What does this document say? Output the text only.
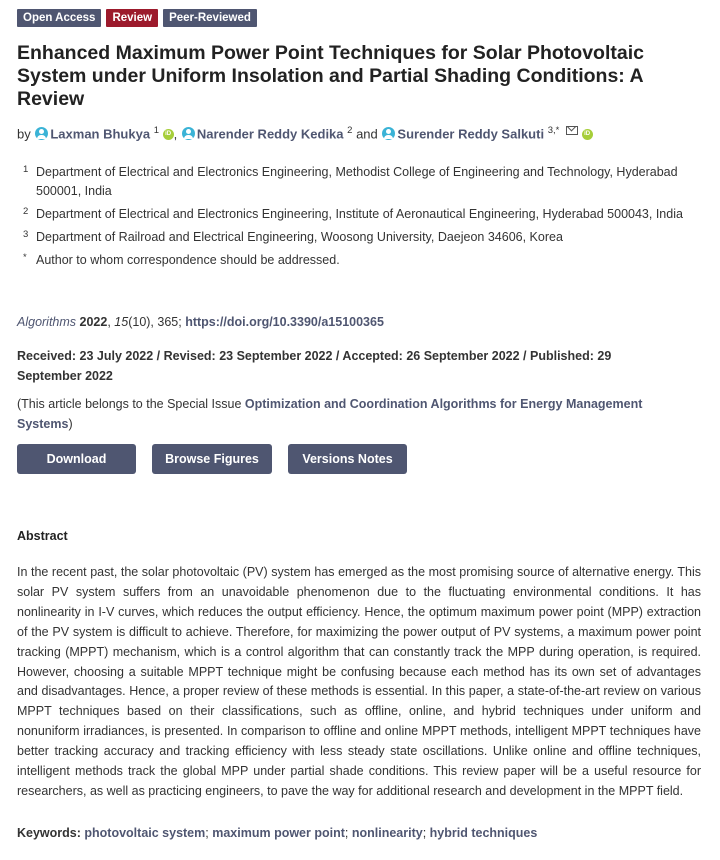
Open Access	Review	Peer-Reviewed
Enhanced Maximum Power Point Techniques for Solar Photovoltaic System under Uniform Insolation and Partial Shading Conditions: A Review
by Laxman Bhukya $^1$ iD , Narender Reddy Kedika $^2$ and Surender Reddy Salkuti $^{3,*}$	iD
1 Department of Electrical and Electronics Engineering, Methodist College of Engineering and Technology, Hyderabad 500001, India
2 Department of Electrical and Electronics Engineering, Institute of Aeronautical Engineering, Hyderabad 500043, India
3 Department of Railroad and Electrical Engineering, Woosong University, Daejeon 34606, Korea
* Author to whom correspondence should be addressed.
Algorithms 2022, 15(10), 365; https://doi.org/10.3390/a15100365
Received: 23 July 2022 / Revised: 23 September 2022 / Accepted: 26 September 2022 / Published: 29 September 2022
(This article belongs to the Special Issue Optimization and Coordination Algorithms for Energy Management Systems)
Download	Browse Figures	Versions Notes
Abstract

In the recent past, the solar photovoltaic (PV) system has emerged as the most promising source of alternative energy. This solar PV system suffers from an unavoidable phenomenon due to the fluctuating environmental conditions. It has nonlinearity in I-V curves, which reduces the output efficiency. Hence, the optimum maximum power point (MPP) extraction of the PV system is difficult to achieve. Therefore, for maximizing the power output of PV systems, a maximum power point tracking (MPPT) mechanism, which is a control algorithm that can constantly track the MPP during operation, is required. However, choosing a suitable MPPT technique might be confusing because each method has its own set of advantages and disadvantages. Hence, a proper review of these methods is essential. In this paper, a state-of-the-art review on various MPPT techniques based on their classifications, such as offline, online, and hybrid techniques under uniform and nonuniform irradiances, is presented. In comparison to offline and online MPPT methods, intelligent MPPT techniques have better tracking accuracy and tracking efficiency with less steady state oscillations. Unlike online and offline techniques, intelligent methods track the global MPP under partial shade conditions. This review paper will be a useful resource for researchers, as well as practicing engineers, to pave the way for additional research and development in the MPPT field.

Keywords: photovoltaic system; maximum power point; nonlinearity; hybrid techniques
